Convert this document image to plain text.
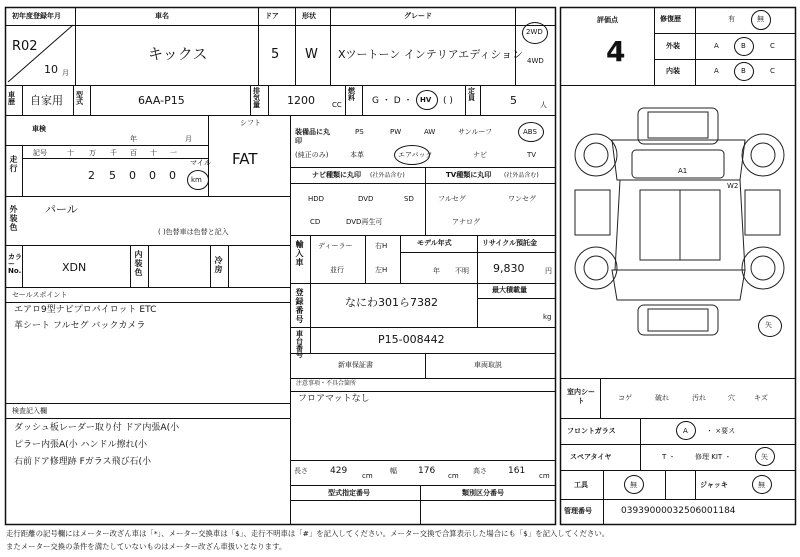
初年度登録年月	車名	ドア	形状	グレード
R02
10 月
キックス	5 W Xツートーン インテリアエディション
2WD
4WD
車歴	自家用 型式	6AA-P15
排気量	1200 CC
燃料	G ・ D ・ HV ( )
定員	5	人
車検
年	月
シフト
FAT
走行
記号	十 万 千 百 十 一
2 5 0 0 0
マイル
km
外装色 パール
( )色替車は色替と記入
カラーNo.	XDN	内装色	冷房
セールスポイント
エアロ9型ナビプロパイロット ETC
革シート フルセグ バックカメラ
検査記入欄
ダッシュ板レーダー取り付 ドア内張A(小
ピラー内張A(小 ハンドル擦れ(小
右前ドア修理跡 Fガラス飛び石(小
装備品に丸印
(純正のみ)
PS	PW	AW	サンルーフ	ABS
本革	エアバック	ナビ	TV
ナビ種類に丸印 (社外品含む)	TV種類に丸印 (社外品含む)
HDD	DVD	SD
CD	DVD再生可
フルセグ	ワンセグ
アナログ
輸入車 ディーラー
並行
右H
左H
モデル年式
年 不明
リサイクル預託金
9,830	円
登録番号	なにわ301ら7382
最大積載量
kg
車台番号
P15-008442
新車保証書	車両取説
注意事項・不具合箇所
フロアマットなし
長さ 429 cm
幅 176 cm
高さ 161 cm
型式指定番号	類別区分番号
評価点
4
修復歴	有	無
外装
内装
A	B	C
A	B	C
A1
W2
矢
室内シート	コゲ	破れ	汚れ	穴	キズ
フロントガラス	A	・ ×要ス
スペアタイヤ	T ・	修理 KIT ・	矢
工具	無	ジャッキ	無
管理番号	03939000032506001184
走行距離の記号欄にはメーター改ざん車は「*」、メーター交換車は「$」、走行不明車は「#」を記入してください。メーター交換で合算表示した場合にも「$」を記入してください。
またメーター交換の条件を満たしていないものはメーター改ざん車扱いとなります。
